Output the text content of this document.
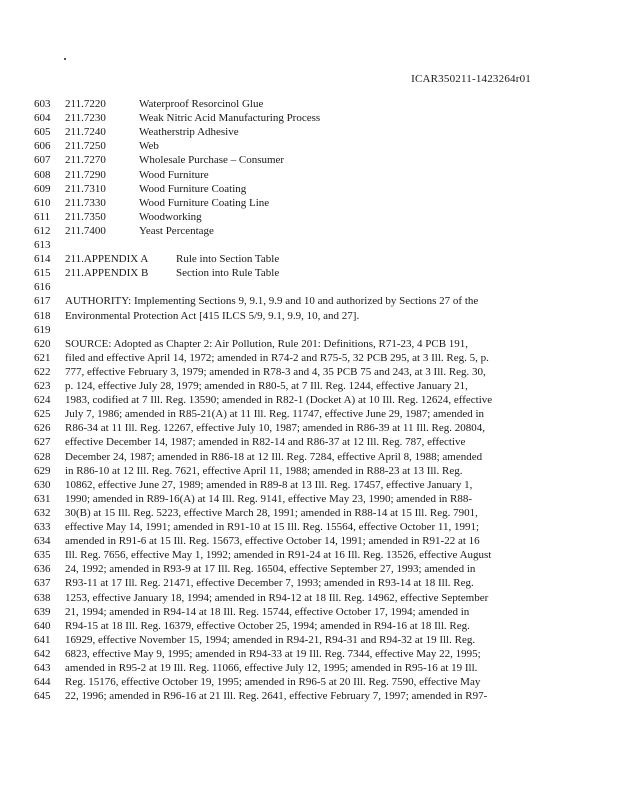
ICAR350211-1423264r01
603	211.7220	Waterproof Resorcinol Glue
604	211.7230	Weak Nitric Acid Manufacturing Process
605	211.7240	Weatherstrip Adhesive
606	211.7250	Web
607	211.7270	Wholesale Purchase – Consumer
608	211.7290	Wood Furniture
609	211.7310	Wood Furniture Coating
610	211.7330	Wood Furniture Coating Line
611	211.7350	Woodworking
612	211.7400	Yeast Percentage
613
614	211.APPENDIX A	Rule into Section Table
615	211.APPENDIX B	Section into Rule Table
616
617	AUTHORITY: Implementing Sections 9, 9.1, 9.9 and 10 and authorized by Sections 27 of the
618	Environmental Protection Act [415 ILCS 5/9, 9.1, 9.9, 10, and 27].
619
620	SOURCE: Adopted as Chapter 2: Air Pollution, Rule 201: Definitions, R71-23, 4 PCB 191,
621	filed and effective April 14, 1972; amended in R74-2 and R75-5, 32 PCB 295, at 3 Ill. Reg. 5, p.
622	777, effective February 3, 1979; amended in R78-3 and 4, 35 PCB 75 and 243, at 3 Ill. Reg. 30,
623	p. 124, effective July 28, 1979; amended in R80-5, at 7 Ill. Reg. 1244, effective January 21,
624	1983, codified at 7 Ill. Reg. 13590; amended in R82-1 (Docket A) at 10 Ill. Reg. 12624, effective
625	July 7, 1986; amended in R85-21(A) at 11 Ill. Reg. 11747, effective June 29, 1987; amended in
626	R86-34 at 11 Ill. Reg. 12267, effective July 10, 1987; amended in R86-39 at 11 Ill. Reg. 20804,
627	effective December 14, 1987; amended in R82-14 and R86-37 at 12 Ill. Reg. 787, effective
628	December 24, 1987; amended in R86-18 at 12 Ill. Reg. 7284, effective April 8, 1988; amended
629	in R86-10 at 12 Ill. Reg. 7621, effective April 11, 1988; amended in R88-23 at 13 Ill. Reg.
630	10862, effective June 27, 1989; amended in R89-8 at 13 Ill. Reg. 17457, effective January 1,
631	1990; amended in R89-16(A) at 14 Ill. Reg. 9141, effective May 23, 1990; amended in R88-
632	30(B) at 15 Ill. Reg. 5223, effective March 28, 1991; amended in R88-14 at 15 Ill. Reg. 7901,
633	effective May 14, 1991; amended in R91-10 at 15 Ill. Reg. 15564, effective October 11, 1991;
634	amended in R91-6 at 15 Ill. Reg. 15673, effective October 14, 1991; amended in R91-22 at 16
635	Ill. Reg. 7656, effective May 1, 1992; amended in R91-24 at 16 Ill. Reg. 13526, effective August
636	24, 1992; amended in R93-9 at 17 Ill. Reg. 16504, effective September 27, 1993; amended in
637	R93-11 at 17 Ill. Reg. 21471, effective December 7, 1993; amended in R93-14 at 18 Ill. Reg.
638	1253, effective January 18, 1994; amended in R94-12 at 18 Ill. Reg. 14962, effective September
639	21, 1994; amended in R94-14 at 18 Ill. Reg. 15744, effective October 17, 1994; amended in
640	R94-15 at 18 Ill. Reg. 16379, effective October 25, 1994; amended in R94-16 at 18 Ill. Reg.
641	16929, effective November 15, 1994; amended in R94-21, R94-31 and R94-32 at 19 Ill. Reg.
642	6823, effective May 9, 1995; amended in R94-33 at 19 Ill. Reg. 7344, effective May 22, 1995;
643	amended in R95-2 at 19 Ill. Reg. 11066, effective July 12, 1995; amended in R95-16 at 19 Ill.
644	Reg. 15176, effective October 19, 1995; amended in R96-5 at 20 Ill. Reg. 7590, effective May
645	22, 1996; amended in R96-16 at 21 Ill. Reg. 2641, effective February 7, 1997; amended in R97-
